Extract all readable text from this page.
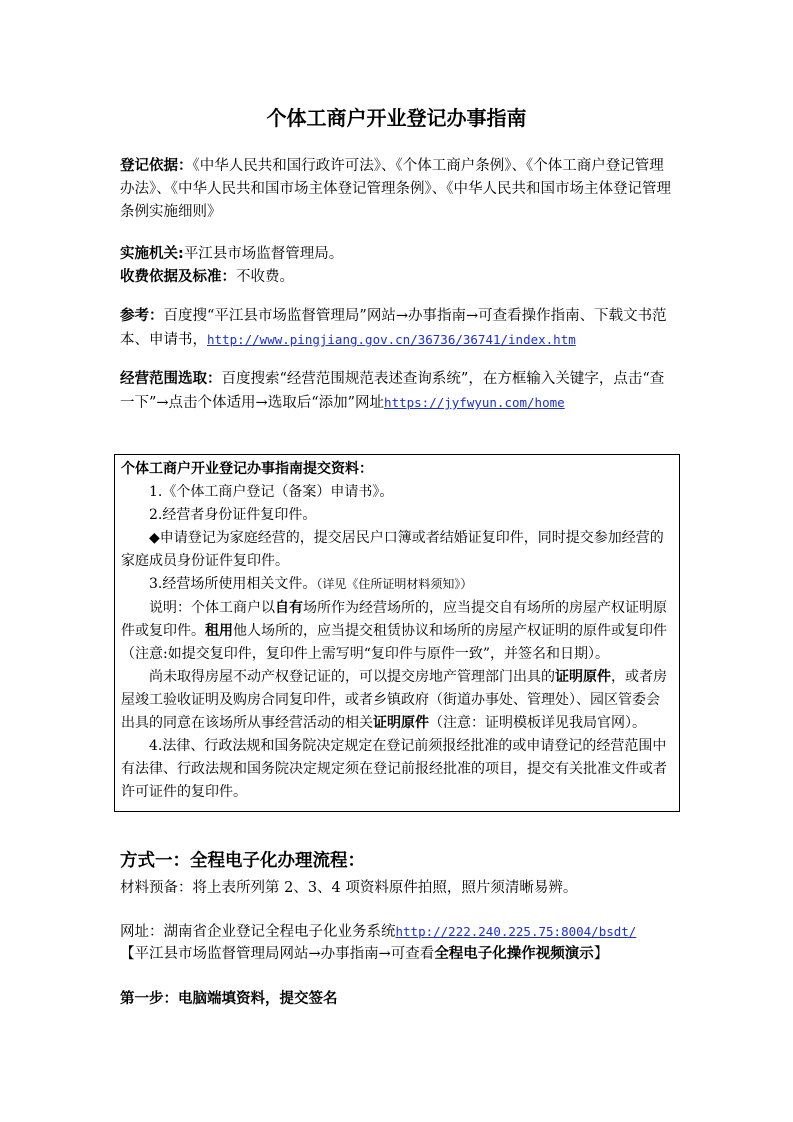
个体工商户开业登记办事指南
登记依据：《中华人民共和国行政许可法》、《个体工商户条例》、《个体工商户登记管理办法》、《中华人民共和国市场主体登记管理条例》、《中华人民共和国市场主体登记管理条例实施细则》
实施机关:平江县市场监督管理局。
收费依据及标准：不收费。
参考：百度搜“平江县市场监督管理局”网站→办事指南→可查看操作指南、下载文书范本、申请书，http://www.pingjiang.gov.cn/36736/36741/index.htm
经营范围选取：百度搜索“经营范围规范表述查询系统”，在方框输入关键字，点击“查一下”→点击个体适用→选取后“添加”网址https://jyfwyun.com/home

个体工商户开业登记办事指南提交资料：

1.《个体工商户登记（备案）申请书》。

2.经营者身份证件复印件。

◆申请登记为家庭经营的，提交居民户口簿或者结婚证复印件，同时提交参加经营的家庭成员身份证件复印件。

3.经营场所使用相关文件。（详见《住所证明材料须知》）

说明：个体工商户以自有场所作为经营场所的，应当提交自有场所的房屋产权证明原件或复印件。租用他人场所的，应当提交租赁协议和场所的房屋产权证明的原件或复印件（注意:如提交复印件，复印件上需写明“复印件与原件一致”，并签名和日期）。

尚未取得房屋不动产权登记证的，可以提交房地产管理部门出具的证明原件，或者房屋竣工验收证明及购房合同复印件，或者乡镇政府（街道办事处、管理处）、园区管委会出具的同意在该场所从事经营活动的相关证明原件（注意：证明模板详见我局官网）。

4.法律、行政法规和国务院决定规定在登记前须报经批准的或申请登记的经营范围中有法律、行政法规和国务院决定规定须在登记前报经批准的项目，提交有关批准文件或者许可证件的复印件。

方式一：全程电子化办理流程：
材料预备：将上表所列第 2、3、4 项资料原件拍照，照片须清晰易辨。
网址：湖南省企业登记全程电子化业务系统http://222.240.225.75:8004/bsdt/
【平江县市场监督管理局网站→办事指南→可查看全程电子化操作视频演示】
第一步：电脑端填资料，提交签名
